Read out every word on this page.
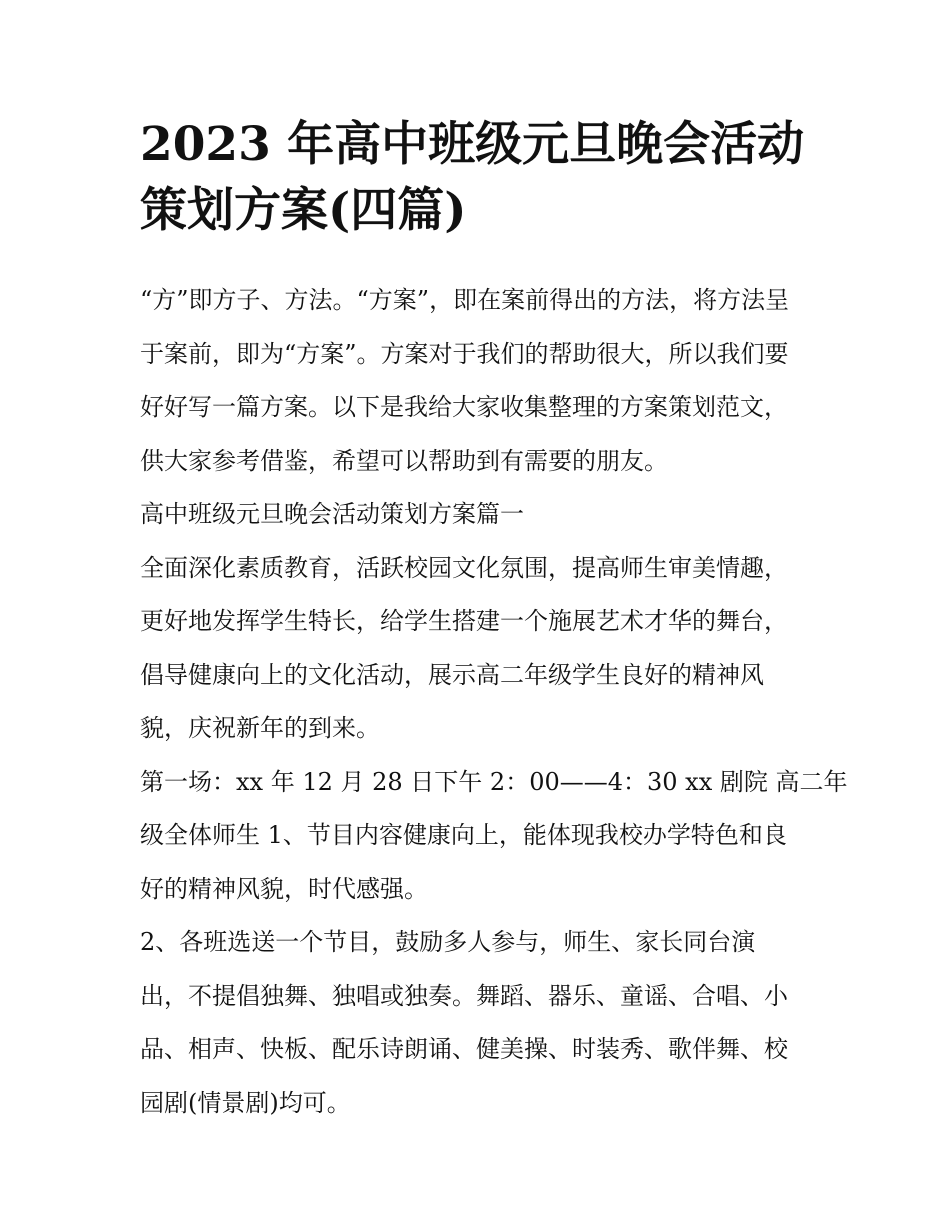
2023 年高中班级元旦晚会活动
策划方案(四篇)
“方”即方子、方法。“方案”，即在案前得出的方法，将方法呈
于案前，即为“方案”。方案对于我们的帮助很大，所以我们要
好好写一篇方案。以下是我给大家收集整理的方案策划范文，
供大家参考借鉴，希望可以帮助到有需要的朋友。
高中班级元旦晚会活动策划方案篇一
全面深化素质教育，活跃校园文化氛围，提高师生审美情趣，
更好地发挥学生特长，给学生搭建一个施展艺术才华的舞台，
倡导健康向上的文化活动，展示高二年级学生良好的精神风
貌，庆祝新年的到来。
第一场：xx 年 12 月 28 日下午 2：00——4：30 xx 剧院 高二年
级全体师生 1、节目内容健康向上，能体现我校办学特色和良
好的精神风貌，时代感强。
2、各班选送一个节目，鼓励多人参与，师生、家长同台演
出，不提倡独舞、独唱或独奏。舞蹈、器乐、童谣、合唱、小
品、相声、快板、配乐诗朗诵、健美操、时装秀、歌伴舞、校
园剧(情景剧)均可。
